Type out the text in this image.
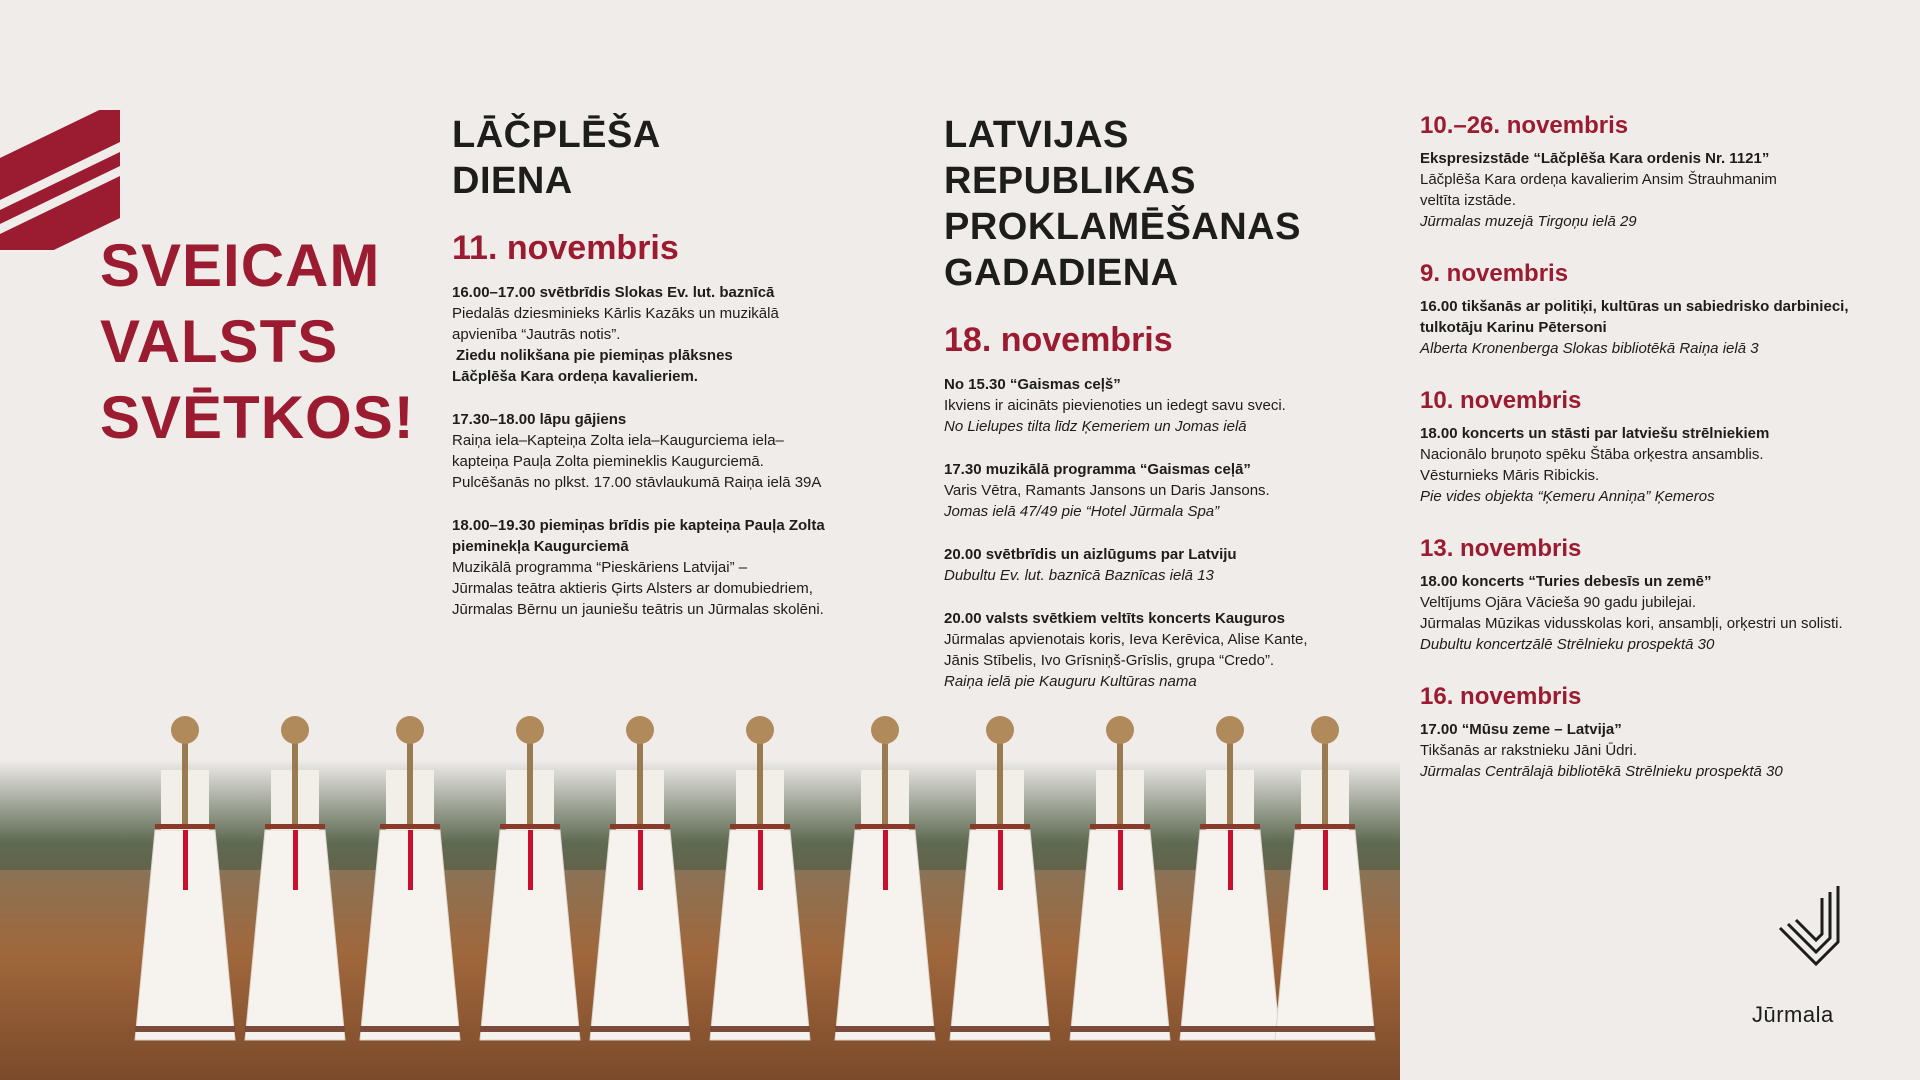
SVEICAM
VALSTS
SVĒTKOS!
LĀČPLĒŠA
DIENA
11. novembris
16.00–17.00 svētbrīdis Slokas Ev. lut. baznīcā
Piedalās dziesminieks Kārlis Kazāks un muzikālā
apvienība “Jautrās notis”.
Ziedu nolikšana pie piemiņas plāksnes
Lāčplēša Kara ordeņa kavalieriem.
17.30–18.00 lāpu gājiens
Raiņa iela–Kapteiņa Zolta iela–Kaugurciema iela–
kapteiņa Pauļa Zolta piemineklis Kaugurciemā.
Pulcēšanās no plkst. 17.00 stāvlaukumā Raiņa ielā 39A
18.00–19.30 piemiņas brīdis pie kapteiņa Pauļa Zolta pieminekļa Kaugurciemā
Muzikālā programma “Pieskāriens Latvijai” –
Jūrmalas teātra aktieris Ģirts Alsters ar domubiedriem,
Jūrmalas Bērnu un jauniešu teātris un Jūrmalas skolēni.
LATVIJAS REPUBLIKAS
PROKLAMĒŠANAS
GADADIENA
18. novembris
No 15.30 “Gaismas ceļš”
Ikviens ir aicināts pievienoties un iedegt savu sveci.
No Lielupes tilta līdz Ķemeriem un Jomas ielā
17.30 muzikālā programma “Gaismas ceļā”
Varis Vētra, Ramants Jansons un Daris Jansons.
Jomas ielā 47/49 pie “Hotel Jūrmala Spa”
20.00 svētbrīdis un aizlūgums par Latviju
Dubultu Ev. lut. baznīcā Baznīcas ielā 13
20.00 valsts svētkiem veltīts koncerts Kauguros
Jūrmalas apvienotais koris, Ieva Kerēvica, Alise Kante,
Jānis Stībelis, Ivo Grīsniņš-Grīslis, grupa “Credo”.
Raiņa ielā pie Kauguru Kultūras nama
10.–26. novembris
Ekspresizstāde “Lāčplēša Kara ordenis Nr. 1121”
Lāčplēša Kara ordeņa kavalierim Ansim Štrauhmanim
veltīta izstāde.
Jūrmalas muzejā Tirgoņu ielā 29
9. novembris
16.00 tikšanās ar politiķi, kultūras un sabiedrisko darbinieci, tulkotāju Karinu Pētersoni
Alberta Kronenberga Slokas bibliotēkā Raiņa ielā 3
10. novembris
18.00 koncerts un stāsti par latviešu strēlniekiem
Nacionālo bruņoto spēku Štāba orķestra ansamblis.
Vēsturnieks Māris Ribickis.
Pie vides objekta “Ķemeru Anniņa” Ķemeros
13. novembris
18.00 koncerts “Turies debesīs un zemē”
Veltījums Ojāra Vācieša 90 gadu jubilejai.
Jūrmalas Mūzikas vidusskolas kori, ansambļi, orķestri un solisti.
Dubultu koncertzālē Strēlnieku prospektā 30
16. novembris
17.00 “Mūsu zeme – Latvija”
Tikšanās ar rakstnieku Jāni Ūdri.
Jūrmalas Centrālajā bibliotēkā Strēlnieku prospektā 30
Jūrmala
